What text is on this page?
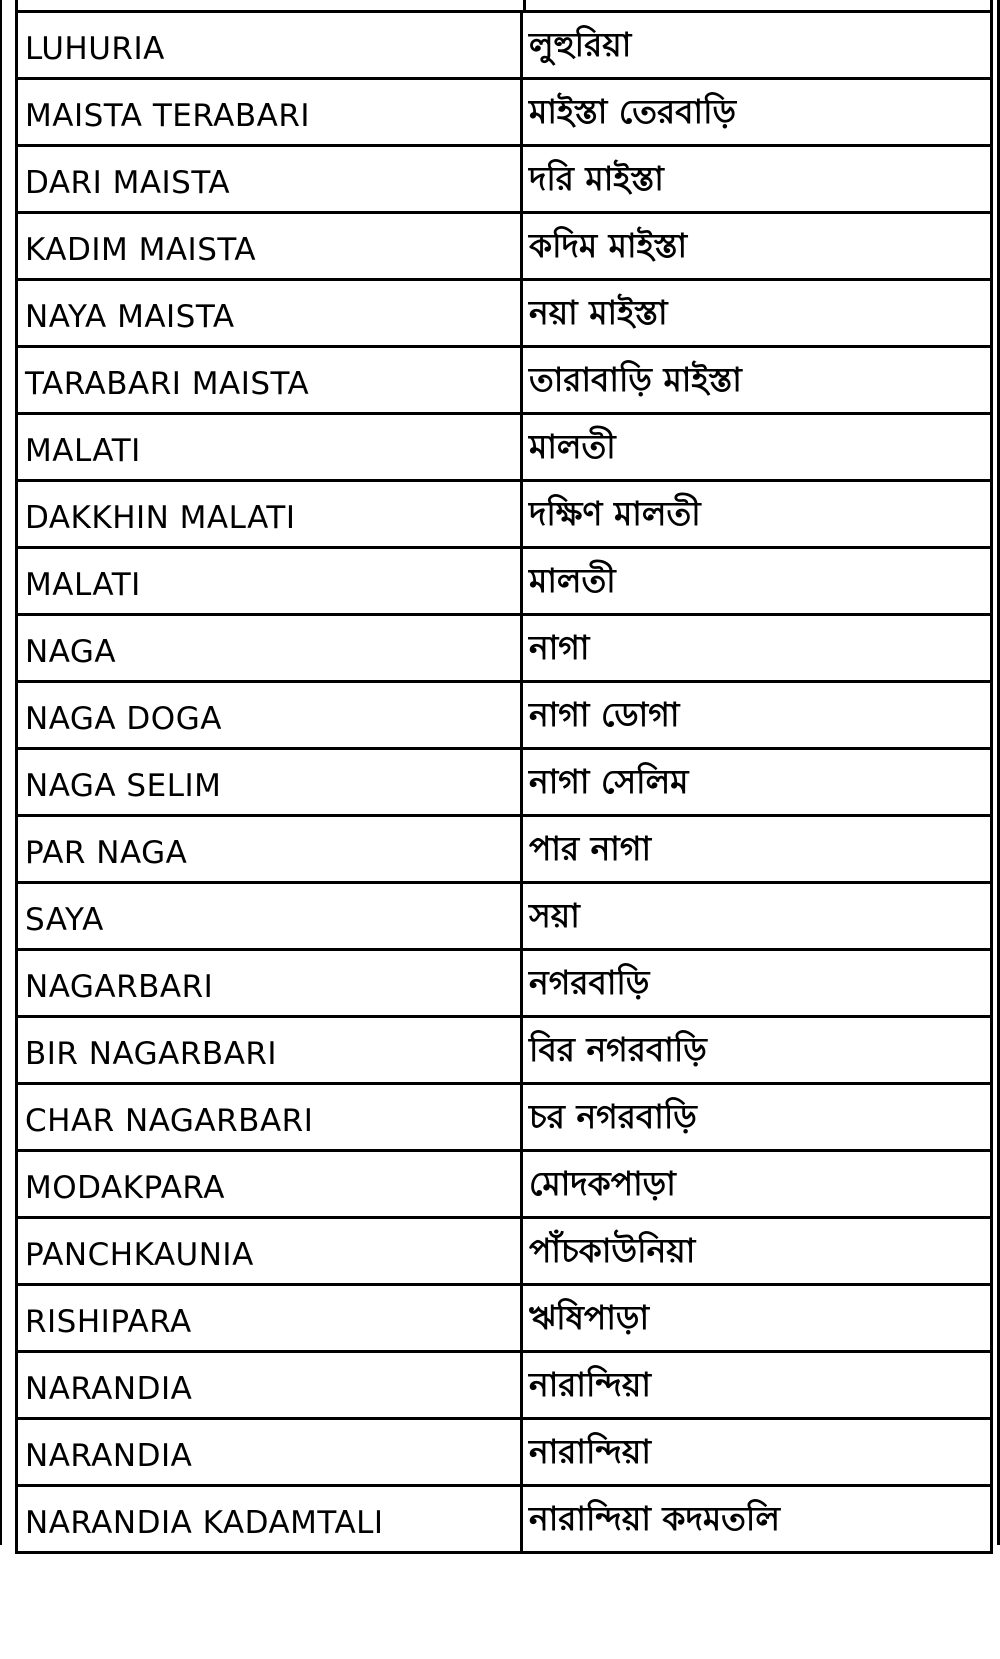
LUHURIA	লুহুরিয়া
MAISTA TERABARI	মাইস্তা তেরবাড়ি
DARI MAISTA	দরি মাইস্তা
KADIM MAISTA	কদিম মাইস্তা
NAYA MAISTA	নয়া মাইস্তা
TARABARI MAISTA	তারাবাড়ি মাইস্তা
MALATI	মালতী
DAKKHIN MALATI	দক্ষিণ মালতী
MALATI	মালতী
NAGA	নাগা
NAGA DOGA	নাগা ডোগা
NAGA SELIM	নাগা সেলিম
PAR NAGA	পার নাগা
SAYA	সয়া
NAGARBARI	নগরবাড়ি
BIR NAGARBARI	বির নগরবাড়ি
CHAR NAGARBARI	চর নগরবাড়ি
MODAKPARA	মোদকপাড়া
PANCHKAUNIA	পাঁচকাউনিয়া
RISHIPARA	ঋষিপাড়া
NARANDIA	নারান্দিয়া
NARANDIA	নারান্দিয়া
NARANDIA KADAMTALI	নারান্দিয়া কদমতলি
